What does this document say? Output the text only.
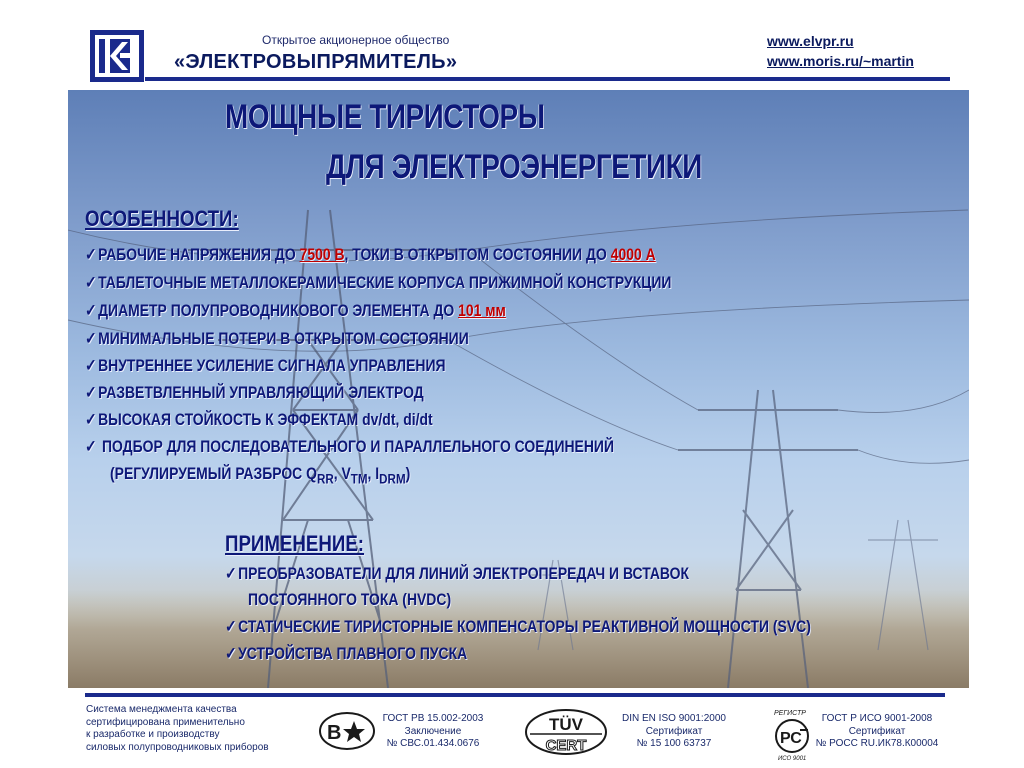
Открытое акционерное общество
«ЭЛЕКТРОВЫПРЯМИТЕЛЬ»
www.elvpr.ru
www.moris.ru/~martin
МОЩНЫЕ ТИРИСТОРЫ
ДЛЯ ЭЛЕКТРОЭНЕРГЕТИКИ
ОСОБЕННОСТИ:
✓РАБОЧИЕ НАПРЯЖЕНИЯ ДО 7500 В, ТОКИ В ОТКРЫТОМ СОСТОЯНИИ ДО 4000 А
✓ТАБЛЕТОЧНЫЕ МЕТАЛЛОКЕРАМИЧЕСКИЕ КОРПУСА ПРИЖИМНОЙ КОНСТРУКЦИИ
✓ДИАМЕТР ПОЛУПРОВОДНИКОВОГО ЭЛЕМЕНТА ДО 101 мм
✓МИНИМАЛЬНЫЕ ПОТЕРИ В ОТКРЫТОМ СОСТОЯНИИ
✓ВНУТРЕННЕЕ УСИЛЕНИЕ СИГНАЛА УПРАВЛЕНИЯ
✓РАЗВЕТВЛЕННЫЙ УПРАВЛЯЮЩИЙ ЭЛЕКТРОД
✓ВЫСОКАЯ СТОЙКОСТЬ К ЭФФЕКТАМ dv/dt, di/dt
✓ ПОДБОР ДЛЯ ПОСЛЕДОВАТЕЛЬНОГО И ПАРАЛЛЕЛЬНОГО СОЕДИНЕНИЙ
(РЕГУЛИРУЕМЫЙ РАЗБРОС $Q_{RR}$, $V_{TM}$, $I_{DRM}$)
ПРИМЕНЕНИЕ:
✓ПРЕОБРАЗОВАТЕЛИ ДЛЯ ЛИНИЙ ЭЛЕКТРОПЕРЕДАЧ И ВСТАВОК
ПОСТОЯННОГО ТОКА (HVDC)
✓СТАТИЧЕСКИЕ ТИРИСТОРНЫЕ КОМПЕНСАТОРЫ РЕАКТИВНОЙ МОЩНОСТИ (SVC)
✓УСТРОЙСТВА ПЛАВНОГО ПУСКА
Система менеджмента качества
сертифицирована применительно
к разработке и производству
силовых полупроводниковых приборов
В
ГОСТ РВ 15.002-2003
Заключение
№ СВС.01.434.0676
TÜV
CERT
DIN EN ISO 9001:2000
Сертификат
№ 15 100 63737
РЕГИСТР
РС
ИСО 9001
ГОСТ Р ИСО 9001-2008
Сертификат
№ РОСС RU.ИК78.К00004
